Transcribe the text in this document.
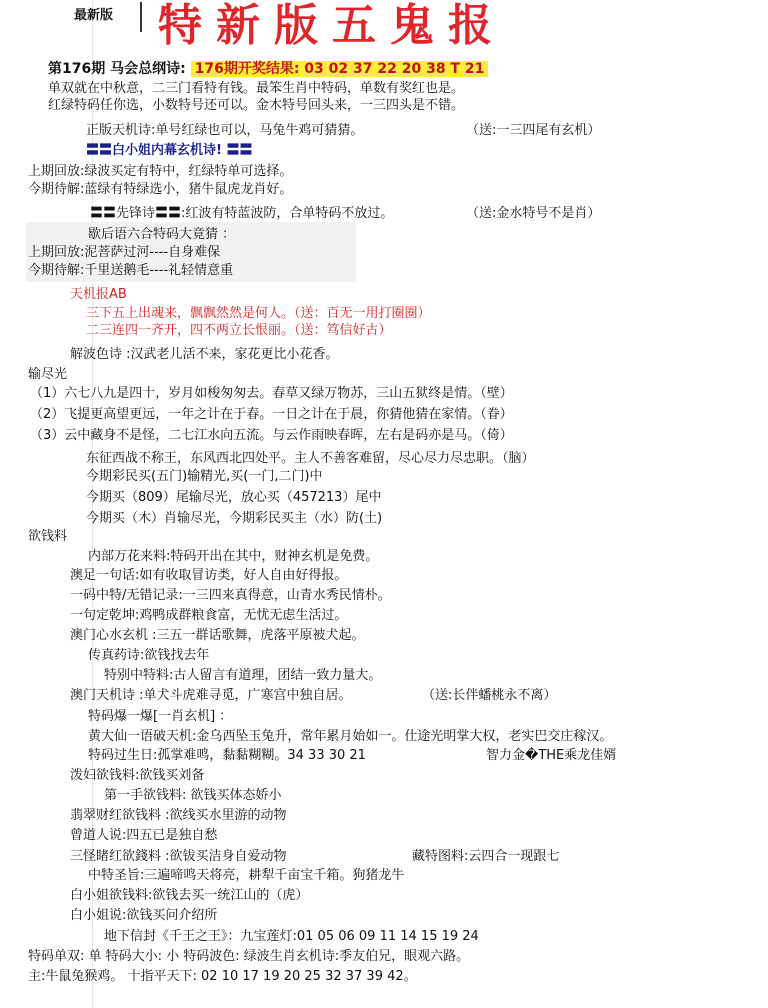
最新版 特新版五鬼报
第176期 马会总纲诗: 176期开奖结果: 03 02 37 22 20 38 T 21
单双就在中秋意，二三门看特有钱。最笨生肖中特码，单数有奖红也是。
红绿特码任你选，小数特号还可以。金木特号回头来，一三四头是不错。
正版天机诗:单号红绿也可以，马兔牛鸡可猜猜。	（送:一三四尾有玄机）
〓〓白小姐内幕玄机诗! 〓〓
上期回放:绿波买定有特中，红绿特单可选择。
今期待解:蓝绿有特绿选小，猪牛鼠虎龙肖好。
〓〓先锋诗〓〓:红波有特蓝波防，合单特码不放过。	（送:金水特号不是肖）
歇后语六合特码大竟猜 ：
上期回放:泥菩萨过河----自身难保
今期待解:千里送鹅毛----礼轻情意重
天机报AB
三下五上出魂来，飘飘然然是何人。（送：百无一用打圈圈）
二三连四一齐开，四不两立长恨丽。（送：笃信好古）
解波色诗 :汉武老儿活不来，家花更比小花香。
输尽光
（1）六七八九是四十，岁月如梭匆匆去。春草又绿万物苏，三山五狱终是情。（壁）
（2）飞提更高望更远，一年之计在于春。一日之计在于晨，你猜他猜在家情。（眷）
（3）云中藏身不是怪，二七江水向五流。与云作雨映春晖，左右是码亦是马。（倚）
东征西战不称王，东风西北四处平。主人不善客难留，尽心尽力尽忠职。（脑）
今期彩民买(五门)输精光,买(一门,二门)中
今期买（809）尾输尽光，放心买（457213）尾中
今期买（木）肖输尽光，今期彩民买主（水）防(土)
欲钱料
内部万花来料:特码开出在其中，财神玄机是免费。
澳足一句话:如有收取冒访类，好人自由好得报。
一码中特/无错记录:一三四来真得意，山青水秀民情朴。
一句定乾坤:鸡鸭成群粮食富，无忧无虑生活过。
澳门心水玄机 :三五一群话歌舞，虎落平原被犬起。
传真药诗:欲钱找去年
特别中特料:古人留言有道理，团结一致力量大。
澳门天机诗 :单犬斗虎难寻觅，广寒宫中独自居。	（送:长伴蟠桃永不离）
特码爆一爆[一肖玄机] ：
黄大仙一语破天机:金乌西坠玉兔升，常年累月始如一。仕途光明掌大权，老实巴交庄稼汉。
特码过生日:孤掌难鸣，黏黏糊糊。34 33 30 21	智力金�THE乘龙佳婿
泼妇欲钱料:欲钱买刘备
第一手欲钱料: 欲钱买体态娇小
翡翠财红欲钱料 :欲线买水里游的动物
曾道人说:四五已是独自愁
三怪睹红欲錢料 :欲钹买洁身自爱动物	藏特图料:云四合一现跟七
中特圣旨:三遍啼鸣天将亮，耕犁千亩宝千箱。狗猪龙牛
白小姐欲钱料:欲钱去买一统江山的（虎）
白小姐说:欲钱买问介绍所
地下信封《千王之王》：九宝莲灯:01 05 06 09 11 14 15 19 24
特码单双: 单 特码大小: 小 特码波色: 绿波生肖玄机诗:季友伯兄，眼观六路。
主:牛鼠兔猴鸡。 十指平天下: 02 10 17 19 20 25 32 37 39 42。
